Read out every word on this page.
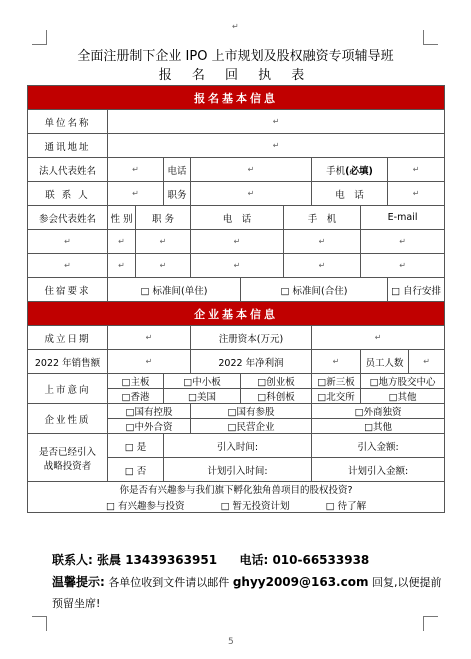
↵
全面注册制下企业 IPO 上市规划及股权融资专项辅导班
报 名 回 执 表
报名基本信息										
单位名称	↵									
通讯地址	↵									
法人代表姓名	↵		电话	↵			手机(必填)		↵	
联 系 人	↵		职务	↵			电　话		↵	
参会代表姓名	性 别	职 务		电　话		手　机		E-mail		
↵	↵	↵		↵		↵		↵		
↵	↵	↵		↵		↵		↵		
住宿要求	□ 标准间(单住)				□ 标准间(合住)				□ 自行安排	
企业基本信息										
成立日期	↵			注册资本(万元)			↵			
2022 年销售额	↵			2022 年净利润			↵	员工人数		↵
上市意向	□主板		□中小板		□创业板		□新三板	□地方股交中心		
	□香港		□美国		□科创板		□北交所	□其他		
企业性质	□国有控股			□国有参股			□外商独资			
	□中外合资			□民营企业			□其他			

是否已经引入
战略投资者	□ 是		引入时间:				引入金额:			
	□ 否		计划引入时间:				计划引入金额:			

你是否有兴趣参与我们旗下孵化独角兽项目的股权投资?
□ 有兴趣参与投资 □ 暂无投资计划 □ 待了解										
联系人: 张晨 13439363951 电话: 010-66533938
温馨提示: 各单位收到文件请以邮件 ghyy2009@163.com 回复,以便提前
预留坐席!
5
